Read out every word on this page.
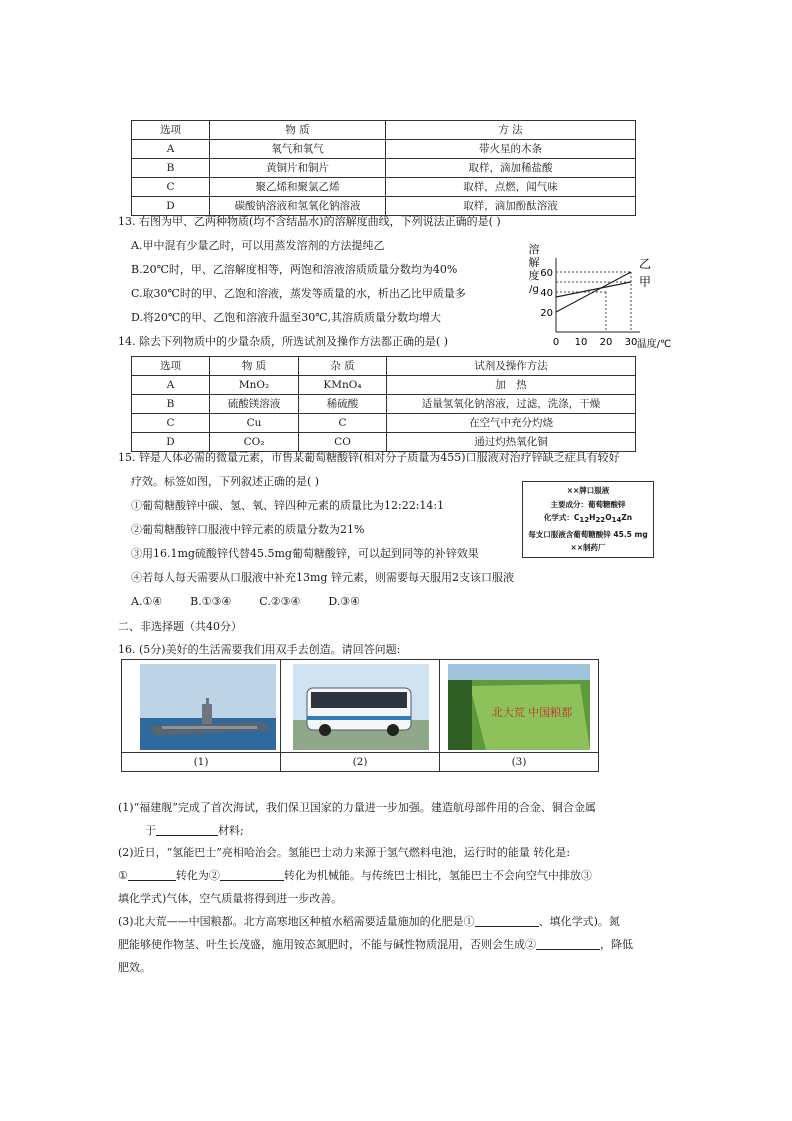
选项	物 质	方 法
A	氧气和氧气	带火星的木条
B	黄铜片和铜片	取样，滴加稀盐酸
C	聚乙烯和聚氯乙烯	取样，点燃，闻气味
D	碳酸钠溶液和氢氧化钠溶液	取样，滴加酚酞溶液
13. 右图为甲、乙两种物质(均不含结晶水)的溶解度曲线，下列说法正确的是( )
A.甲中混有少量乙时，可以用蒸发溶剂的方法提纯乙
B.20℃时，甲、乙溶解度相等，两饱和溶液溶质质量分数均为40%
C.取30℃时的甲、乙饱和溶液，蒸发等质量的水，析出乙比甲质量多
D.将20℃的甲、乙饱和溶液升温至30℃,其溶质质量分数均增大
溶
解
度
/g
20
40
60
0 10 20 30 温度/℃
乙
甲
14. 除去下列物质中的少量杂质，所选试剂及操作方法都正确的是( )
选项	物 质	杂 质	试剂及操作方法
A	MnO₂	KMnO₄	加　热
B	硫酸镁溶液	稀硫酸	适量氢氧化钠溶液，过滤，洗涤，干燥
C	Cu	C	在空气中充分灼烧
D	CO₂	CO	通过灼热氧化铜
15. 锌是人体必需的微量元素，市售某葡萄糖酸锌(相对分子质量为455)口服液对治疗锌缺乏症具有较好
疗效。标签如图，下列叙述正确的是( )
①葡萄糖酸锌中碳、氢、氧、锌四种元素的质量比为12:22:14:1
②葡萄糖酸锌口服液中锌元素的质量分数为21%
③用16.1mg硫酸锌代替45.5mg葡萄糖酸锌，可以起到同等的补锌效果
④若每人每天需要从口服液中补充13mg 锌元素，则需要每天服用2支该口服液
A.①④        B.①③④        C.②③④        D.③④
××牌口服液
主要成分：葡萄糖酸锌
化学式：C12H22O14Zn
每支口服液含葡萄糖酸锌 45.5 mg
××制药厂
二、非选择题（共40分）
16. (5分)美好的生活需要我们用双手去创造。请回答问题:

北大荒 中国粮都

(1)	(2)	(3)
(1)“福建舰”完成了首次海试，我们保卫国家的力量进一步加强。建造航母部件用的合金、铜合金属
于	材料;
(2)近日，“氢能巴士”亮相哈治会。氢能巴士动力来源于氢气燃料电池，运行时的能量 转化是:
①	转化为②	转化为机械能。与传统巴士相比，氢能巴士不会向空气中排放③
填化学式)气体，空气质量将得到进一步改善。
(3)北大荒——中国粮都。北方高寒地区种植水稻需要适量施加的化肥是①	、填化学式)。氮
肥能够使作物茎、叶生长茂盛，施用铵态氮肥时，不能与碱性物质混用，否则会生成②	，降低
肥效。
